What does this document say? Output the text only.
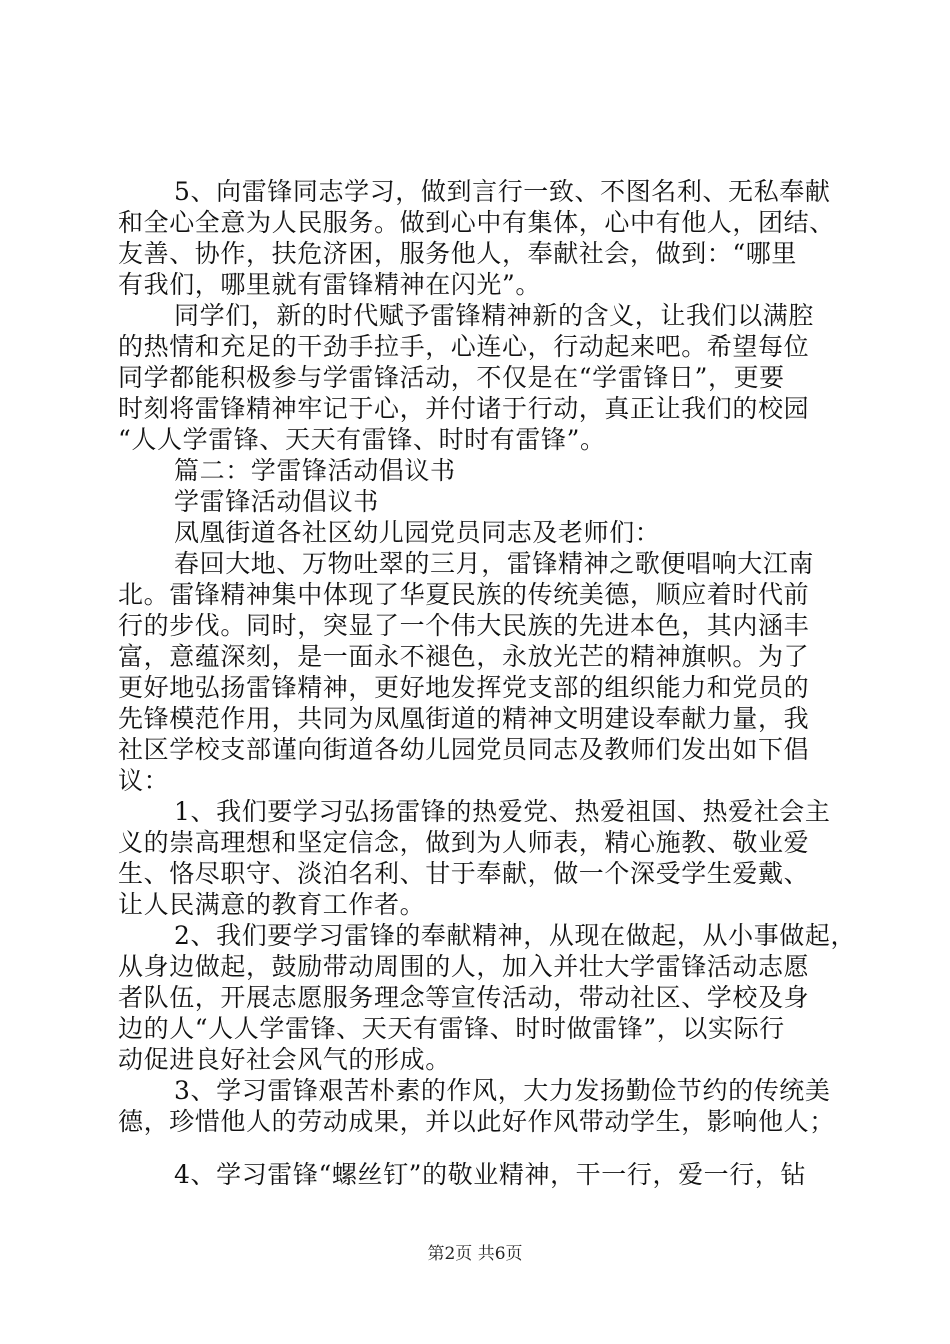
5、向雷锋同志学习，做到言行一致、不图名利、无私奉献
和全心全意为人民服务。做到心中有集体，心中有他人，团结、
友善、协作，扶危济困，服务他人，奉献社会，做到：“哪里
有我们，哪里就有雷锋精神在闪光”。
同学们，新的时代赋予雷锋精神新的含义，让我们以满腔
的热情和充足的干劲手拉手，心连心，行动起来吧。希望每位
同学都能积极参与学雷锋活动，不仅是在“学雷锋日”，更要
时刻将雷锋精神牢记于心，并付诸于行动，真正让我们的校园
“人人学雷锋、天天有雷锋、时时有雷锋”。
篇二：学雷锋活动倡议书
学雷锋活动倡议书
凤凰街道各社区幼儿园党员同志及老师们：
春回大地、万物吐翠的三月，雷锋精神之歌便唱响大江南
北。雷锋精神集中体现了华夏民族的传统美德，顺应着时代前
行的步伐。同时，突显了一个伟大民族的先进本色，其内涵丰
富，意蕴深刻，是一面永不褪色，永放光芒的精神旗帜。为了
更好地弘扬雷锋精神，更好地发挥党支部的组织能力和党员的
先锋模范作用，共同为凤凰街道的精神文明建设奉献力量，我
社区学校支部谨向街道各幼儿园党员同志及教师们发出如下倡
议：
1、我们要学习弘扬雷锋的热爱党、热爱祖国、热爱社会主
义的崇高理想和坚定信念，做到为人师表，精心施教、敬业爱
生、恪尽职守、淡泊名利、甘于奉献，做一个深受学生爱戴、
让人民满意的教育工作者。
2、我们要学习雷锋的奉献精神，从现在做起，从小事做起，
从身边做起，鼓励带动周围的人，加入并壮大学雷锋活动志愿
者队伍，开展志愿服务理念等宣传活动，带动社区、学校及身
边的人“人人学雷锋、天天有雷锋、时时做雷锋”，以实际行
动促进良好社会风气的形成。
3、学习雷锋艰苦朴素的作风，大力发扬勤俭节约的传统美
德，珍惜他人的劳动成果，并以此好作风带动学生，影响他人；
4、学习雷锋“螺丝钉”的敬业精神，干一行，爱一行，钻
第2页 共6页
